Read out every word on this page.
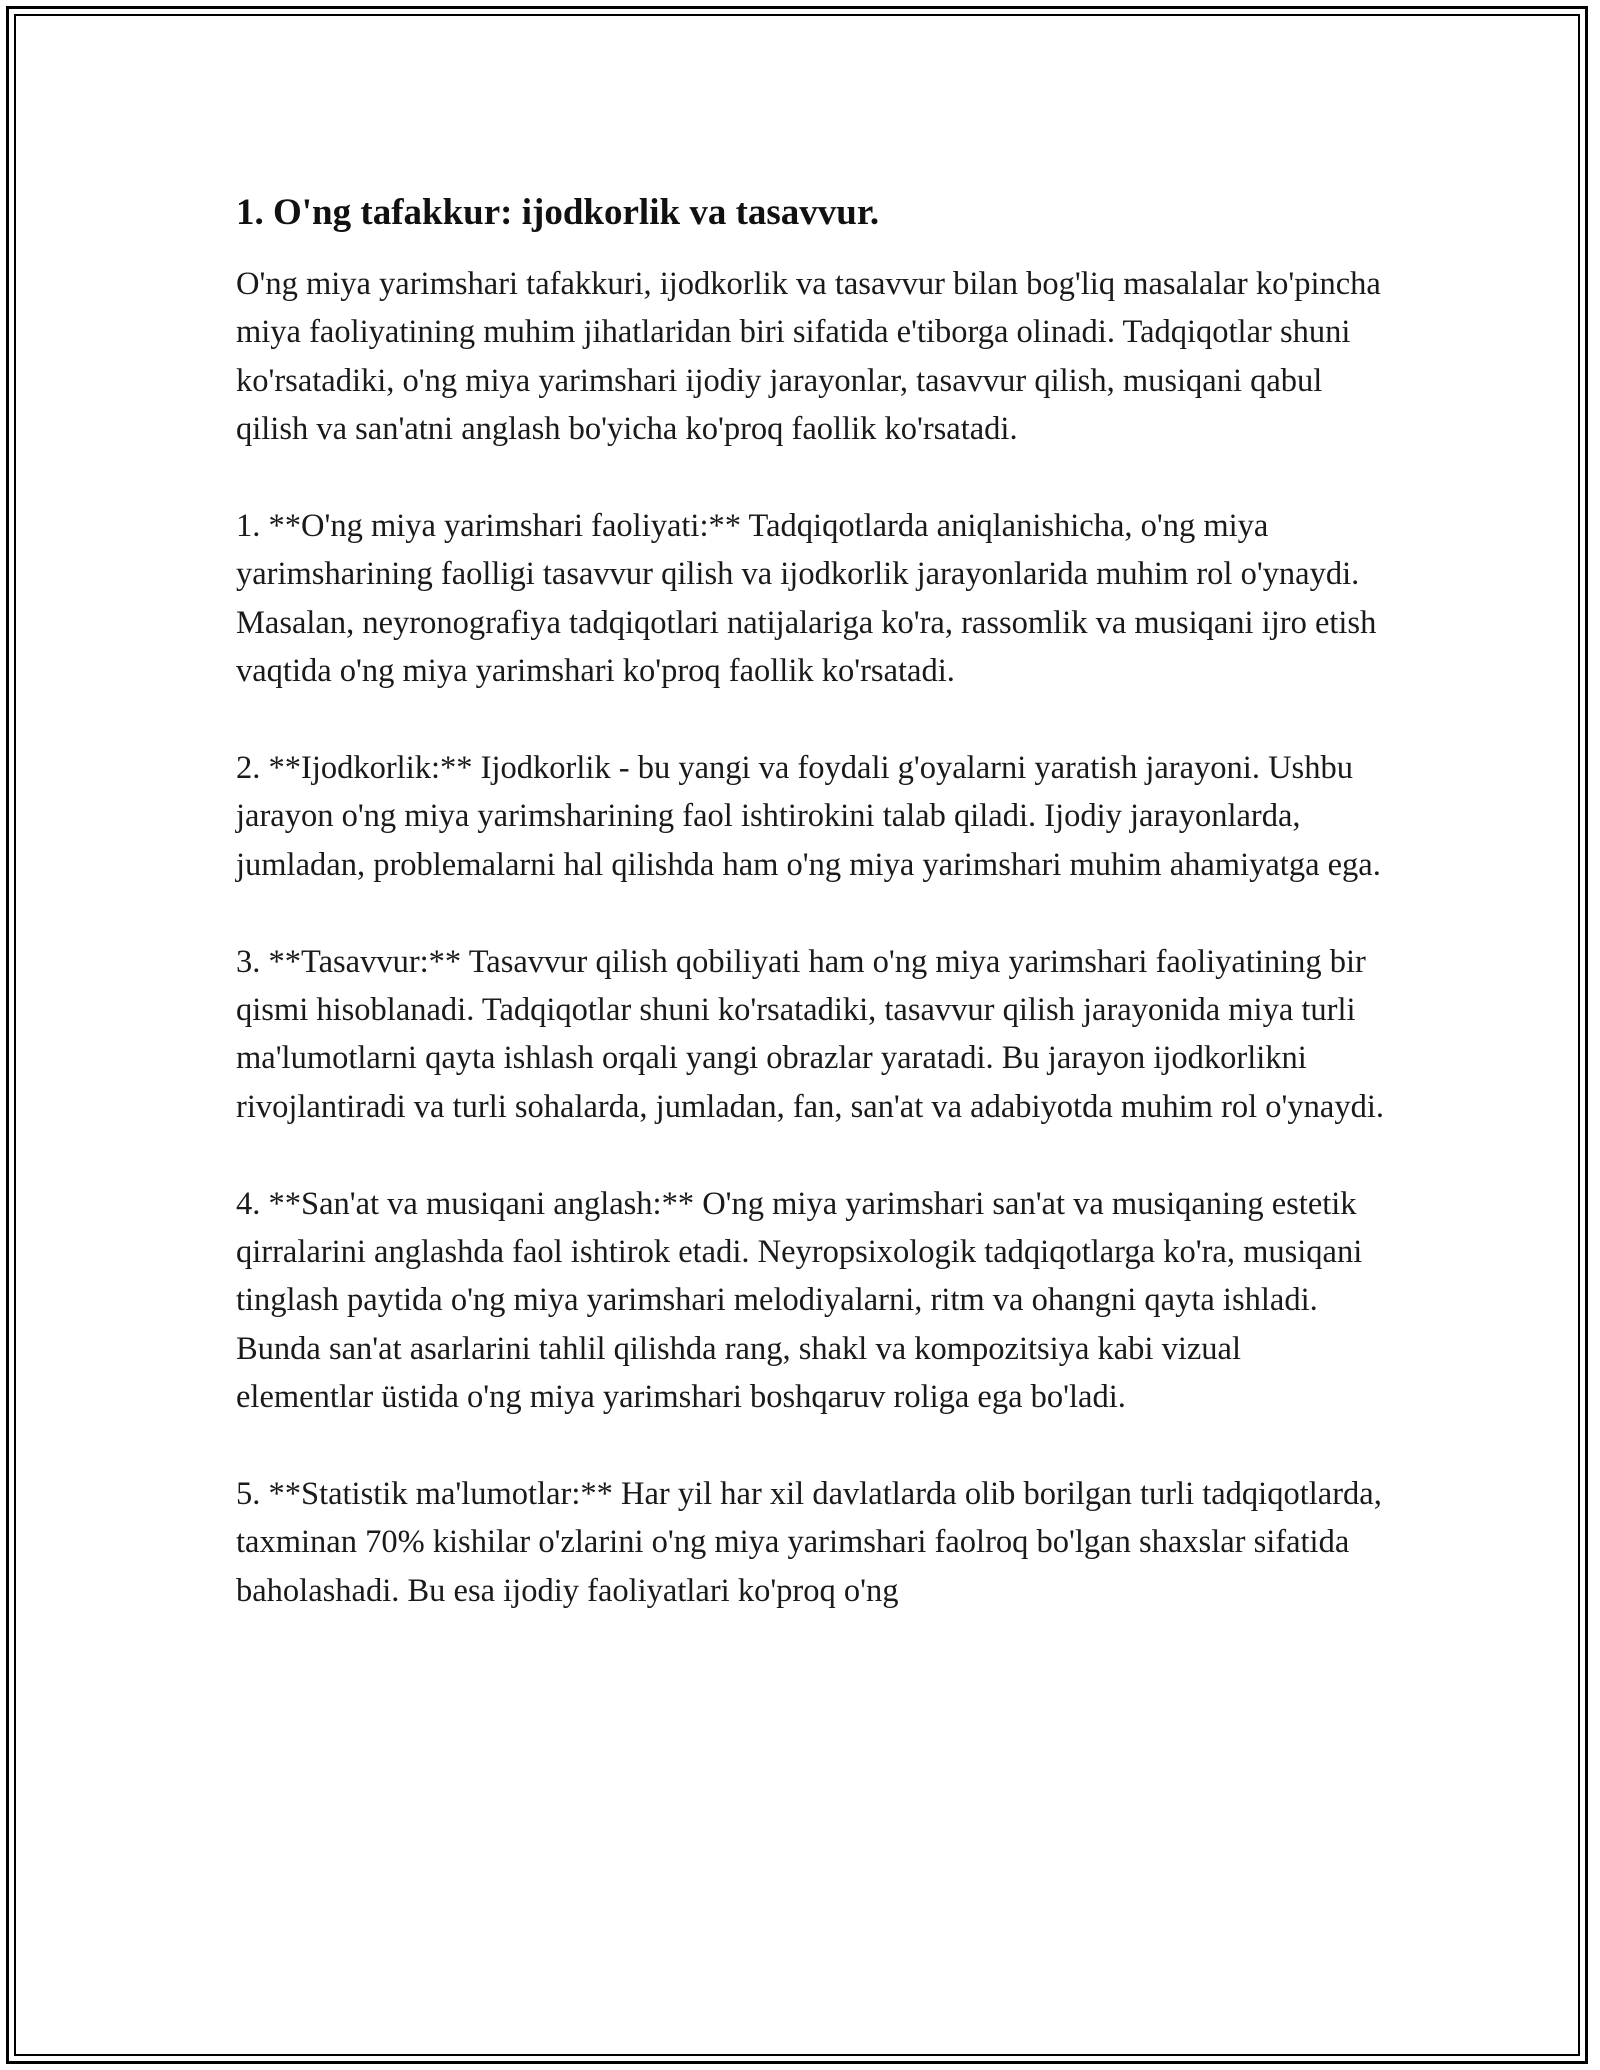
1. O'ng tafakkur: ijodkorlik va tasavvur.

O'ng miya yarimshari tafakkuri, ijodkorlik va tasavvur bilan bog'liq masalalar ko'pincha miya faoliyatining muhim jihatlaridan biri sifatida e'tiborga olinadi. Tadqiqotlar shuni ko'rsatadiki, o'ng miya yarimshari ijodiy jarayonlar, tasavvur qilish, musiqani qabul qilish va san'atni anglash bo'yicha ko'proq faollik ko'rsatadi.

1. **O'ng miya yarimshari faoliyati:** Tadqiqotlarda aniqlanishicha, o'ng miya yarimsharining faolligi tasavvur qilish va ijodkorlik jarayonlarida muhim rol o'ynaydi. Masalan, neyronografiya tadqiqotlari natijalariga ko'ra, rassomlik va musiqani ijro etish vaqtida o'ng miya yarimshari ko'proq faollik ko'rsatadi.

2. **Ijodkorlik:** Ijodkorlik - bu yangi va foydali g'oyalarni yaratish jarayoni. Ushbu jarayon o'ng miya yarimsharining faol ishtirokini talab qiladi. Ijodiy jarayonlarda, jumladan, problemalarni hal qilishda ham o'ng miya yarimshari muhim ahamiyatga ega.

3. **Tasavvur:** Tasavvur qilish qobiliyati ham o'ng miya yarimshari faoliyatining bir qismi hisoblanadi. Tadqiqotlar shuni ko'rsatadiki, tasavvur qilish jarayonida miya turli ma'lumotlarni qayta ishlash orqali yangi obrazlar yaratadi. Bu jarayon ijodkorlikni rivojlantiradi va turli sohalarda, jumladan, fan, san'at va adabiyotda muhim rol o'ynaydi.

4. **San'at va musiqani anglash:** O'ng miya yarimshari san'at va musiqaning estetik qirralarini anglashda faol ishtirok etadi. Neyropsixologik tadqiqotlarga ko'ra, musiqani tinglash paytida o'ng miya yarimshari melodiyalarni, ritm va ohangni qayta ishladi. Bunda san'at asarlarini tahlil qilishda rang, shakl va kompozitsiya kabi vizual elementlar üstida o'ng miya yarimshari boshqaruv roliga ega bo'ladi.

5. **Statistik ma'lumotlar:** Har yil har xil davlatlarda olib borilgan turli tadqiqotlarda, taxminan 70% kishilar o'zlarini o'ng miya yarimshari faolroq bo'lgan shaxslar sifatida baholashadi. Bu esa ijodiy faoliyatlari ko'proq o'ng
